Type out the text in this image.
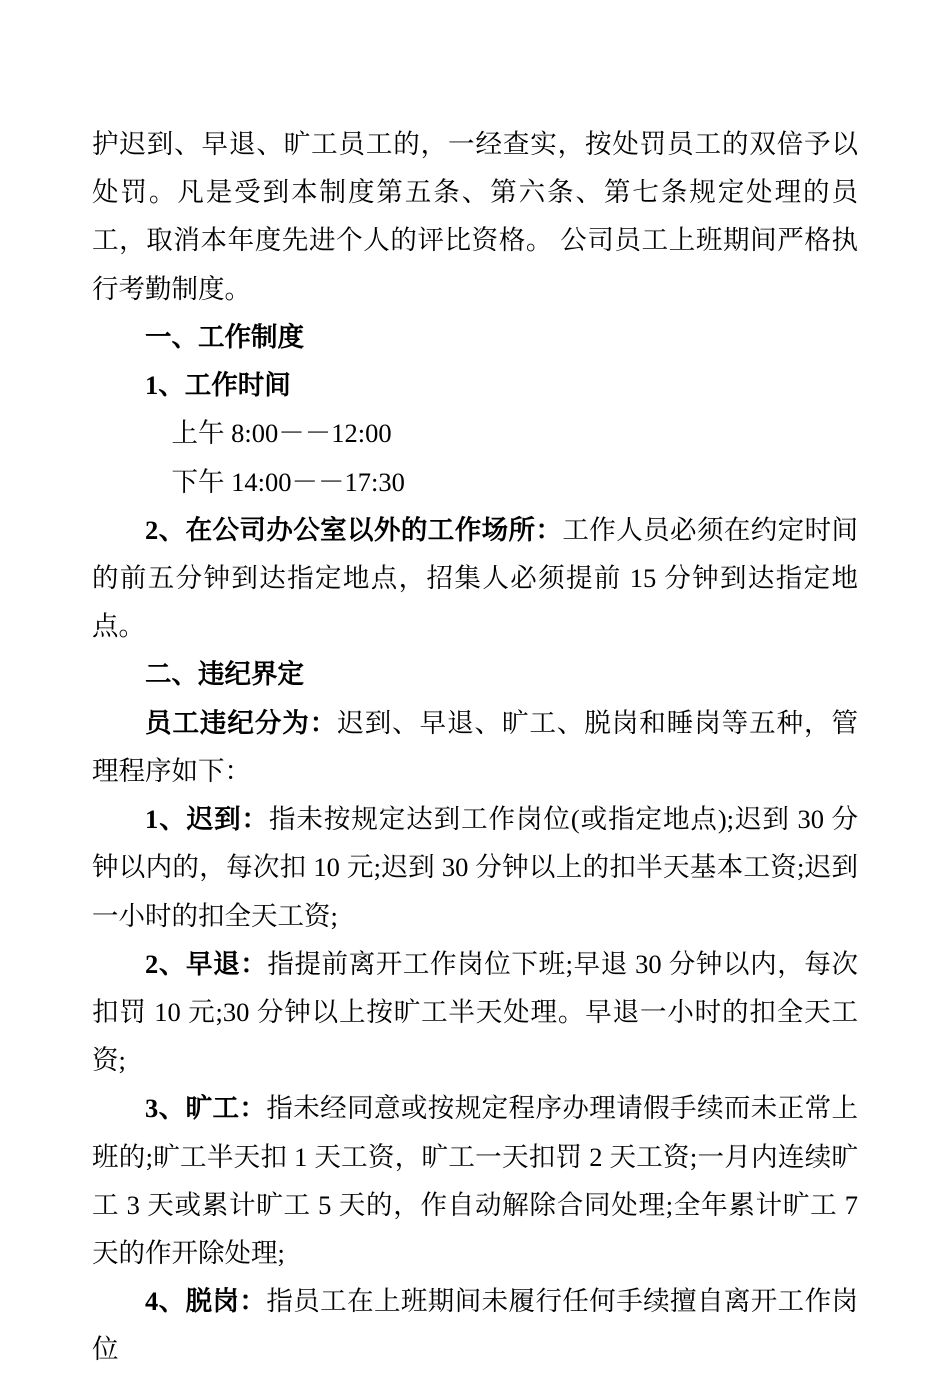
护迟到、早退、旷工员工的，一经查实，按处罚员工的双倍予以处罚。凡是受到本制度第五条、第六条、第七条规定处理的员工，取消本年度先进个人的评比资格。 公司员工上班期间严格执行考勤制度。

一、工作制度

1、工作时间

上午 8:00－－12:00

下午 14:00－－17:30

2、在公司办公室以外的工作场所：工作人员必须在约定时间的前五分钟到达指定地点，招集人必须提前 15 分钟到达指定地点。

二、违纪界定

员工违纪分为：迟到、早退、旷工、脱岗和睡岗等五种，管理程序如下：

1、迟到：指未按规定达到工作岗位(或指定地点);迟到 30 分钟以内的，每次扣 10 元;迟到 30 分钟以上的扣半天基本工资;迟到一小时的扣全天工资;

2、早退：指提前离开工作岗位下班;早退 30 分钟以内，每次扣罚 10 元;30 分钟以上按旷工半天处理。早退一小时的扣全天工资;

3、旷工：指未经同意或按规定程序办理请假手续而未正常上班的;旷工半天扣 1 天工资，旷工一天扣罚 2 天工资;一月内连续旷工 3 天或累计旷工 5 天的，作自动解除合同处理;全年累计旷工 7 天的作开除处理;

4、脱岗：指员工在上班期间未履行任何手续擅自离开工作岗位
